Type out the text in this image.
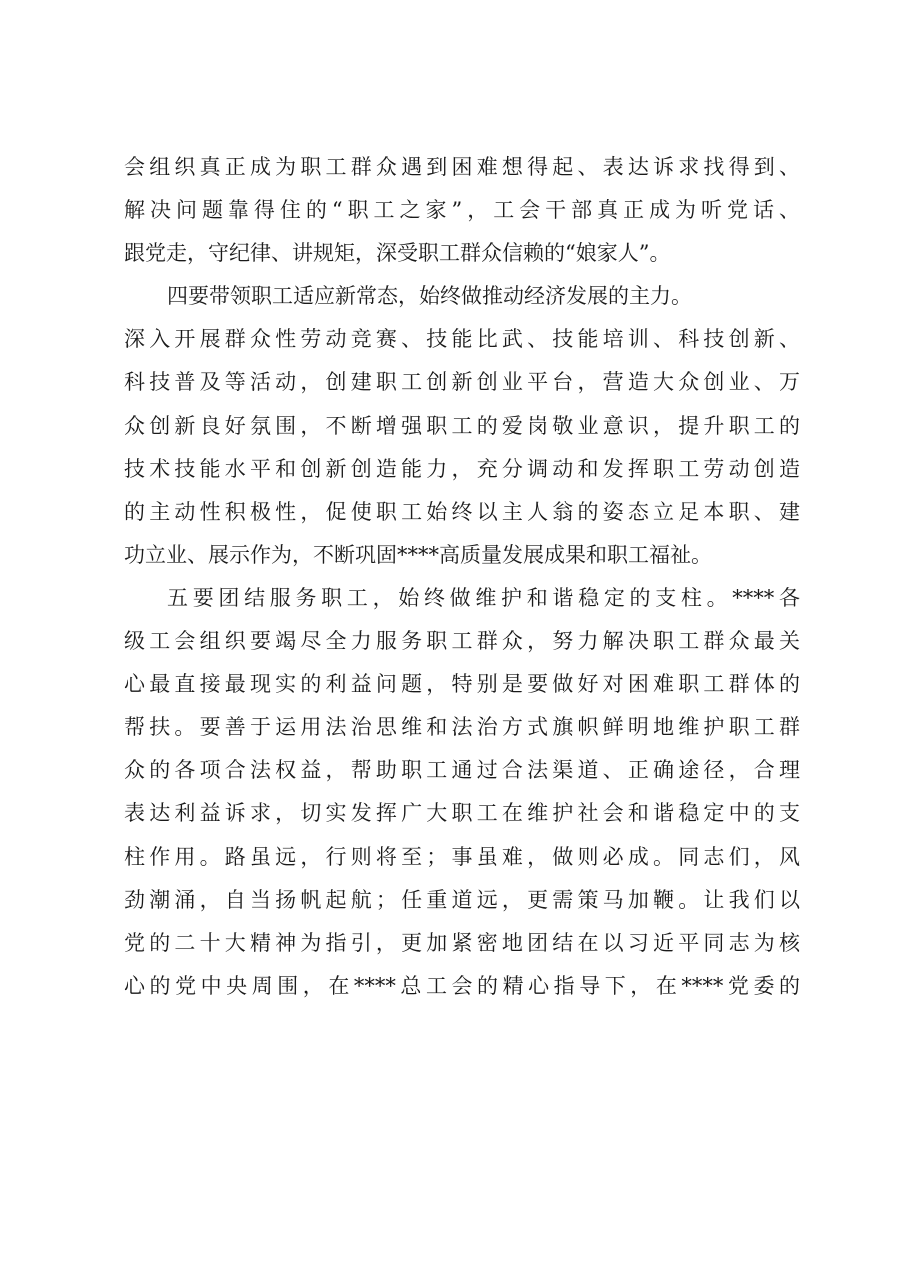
会组织真正成为职工群众遇到困难想得起、表达诉求找得到、
解决问题靠得住的“职工之家”，工会干部真正成为听党话、
跟党走，守纪律、讲规矩，深受职工群众信赖的“娘家人”。
四要带领职工适应新常态，始终做推动经济发展的主力。
深入开展群众性劳动竞赛、技能比武、技能培训、科技创新、
科技普及等活动，创建职工创新创业平台，营造大众创业、万
众创新良好氛围，不断增强职工的爱岗敬业意识，提升职工的
技术技能水平和创新创造能力，充分调动和发挥职工劳动创造
的主动性积极性，促使职工始终以主人翁的姿态立足本职、建
功立业、展示作为，不断巩固****高质量发展成果和职工福祉。
五要团结服务职工，始终做维护和谐稳定的支柱。****各
级工会组织要竭尽全力服务职工群众，努力解决职工群众最关
心最直接最现实的利益问题，特别是要做好对困难职工群体的
帮扶。要善于运用法治思维和法治方式旗帜鲜明地维护职工群
众的各项合法权益，帮助职工通过合法渠道、正确途径，合理
表达利益诉求，切实发挥广大职工在维护社会和谐稳定中的支
柱作用。路虽远，行则将至；事虽难，做则必成。同志们，风
劲潮涌，自当扬帆起航；任重道远，更需策马加鞭。让我们以
党的二十大精神为指引，更加紧密地团结在以习近平同志为核
心的党中央周围，在****总工会的精心指导下，在****党委的
